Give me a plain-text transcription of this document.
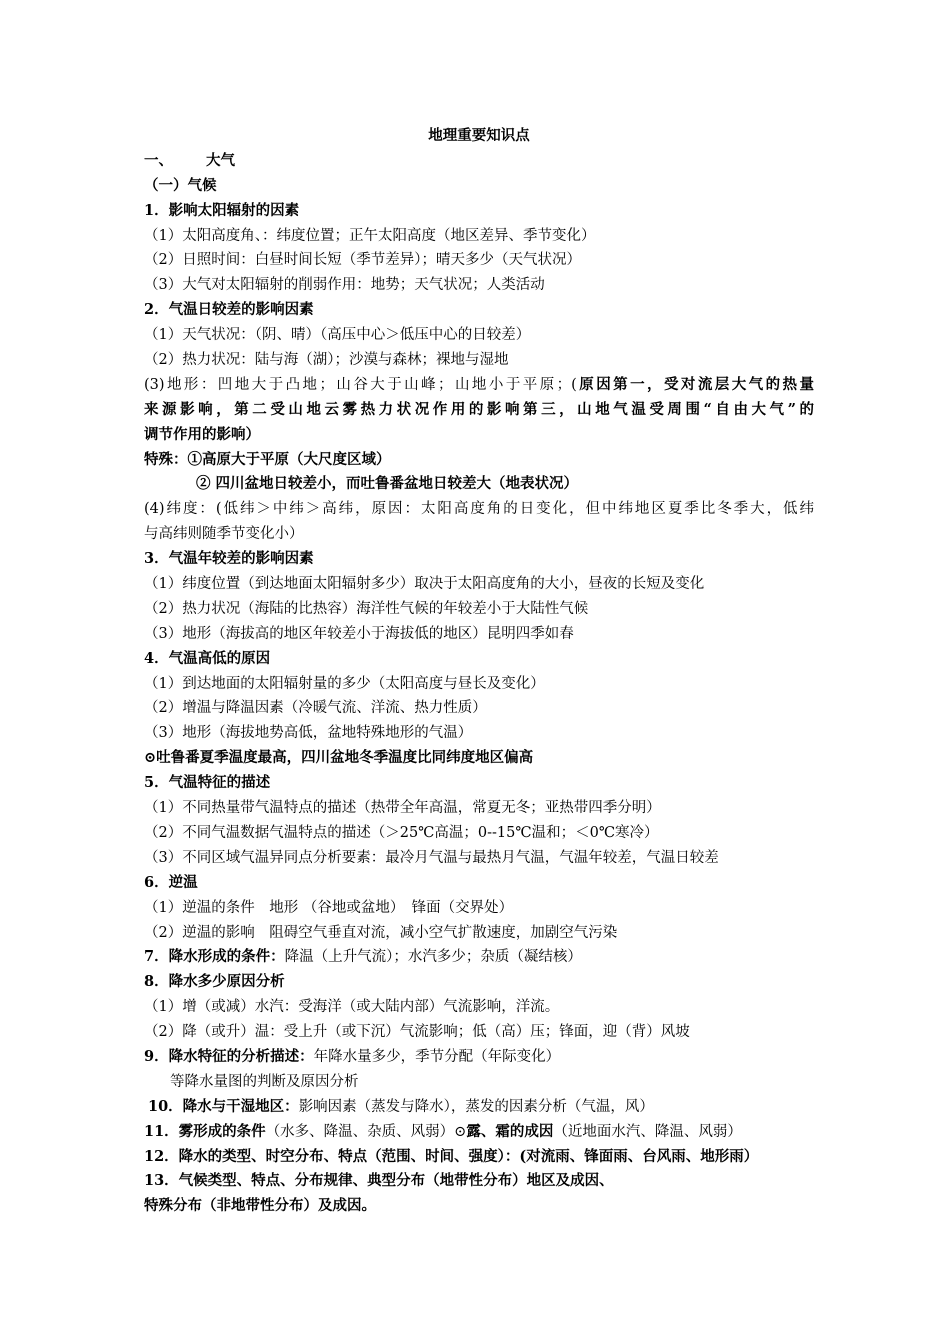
地理重要知识点
一、 大气
（一）气候
1．影响太阳辐射的因素
（1）太阳高度角、：纬度位置；正午太阳高度（地区差异、季节变化）
（2）日照时间：白昼时间长短（季节差异）；晴天多少（天气状况）
（3）大气对太阳辐射的削弱作用：地势；天气状况；人类活动
2．气温日较差的影响因素
（1）天气状况：（阴、晴）（高压中心＞低压中心的日较差）
（2）热力状况：陆与海（湖）；沙漠与森林；裸地与湿地
(3)地形：凹地大于凸地；山谷大于山峰；山地小于平原；(原因第一，受对流层大气的热量
来源影响，第二受山地云雾热力状况作用的影响第三，山地气温受周围“自由大气”的
调节作用的影响）
特殊：①高原大于平原（大尺度区域）
② 四川盆地日较差小，而吐鲁番盆地日较差大（地表状况）
(4)纬度：(低纬＞中纬＞高纬，原因：太阳高度角的日变化，但中纬地区夏季比冬季大，低纬
与高纬则随季节变化小）
3．气温年较差的影响因素
（1）纬度位置（到达地面太阳辐射多少）取决于太阳高度角的大小，昼夜的长短及变化
（2）热力状况（海陆的比热容）海洋性气候的年较差小于大陆性气候
（3）地形（海拔高的地区年较差小于海拔低的地区）昆明四季如春
4．气温高低的原因
（1）到达地面的太阳辐射量的多少（太阳高度与昼长及变化）
（2）增温与降温因素（冷暖气流、洋流、热力性质）
（3）地形（海拔地势高低，盆地特殊地形的气温）
⊙吐鲁番夏季温度最高，四川盆地冬季温度比同纬度地区偏高
5．气温特征的描述
（1）不同热量带气温特点的描述（热带全年高温，常夏无冬；亚热带四季分明）
（2）不同气温数据气温特点的描述（＞25℃高温；0--15℃温和；＜0℃寒冷）
（3）不同区域气温异同点分析要素：最冷月气温与最热月气温，气温年较差，气温日较差
6．逆温
（1）逆温的条件　地形 （谷地或盆地）　锋面（交界处）
（2）逆温的影响　阻碍空气垂直对流，减小空气扩散速度，加剧空气污染
7．降水形成的条件：降温（上升气流）；水汽多少；杂质（凝结核）
8．降水多少原因分析
（1）增（或减）水汽：受海洋（或大陆内部）气流影响，洋流。
（2）降（或升）温：受上升（或下沉）气流影响；低（高）压；锋面，迎（背）风坡
9．降水特征的分析描述：年降水量多少，季节分配（年际变化）
等降水量图的判断及原因分析
10．降水与干湿地区：影响因素（蒸发与降水），蒸发的因素分析（气温，风）
11．雾形成的条件（水多、降温、杂质、风弱）⊙露、霜的成因（近地面水汽、降温、风弱）
12．降水的类型、时空分布、特点（范围、时间、强度）：(对流雨、锋面雨、台风雨、地形雨）
13．气候类型、特点、分布规律、典型分布（地带性分布）地区及成因、
特殊分布（非地带性分布）及成因。
